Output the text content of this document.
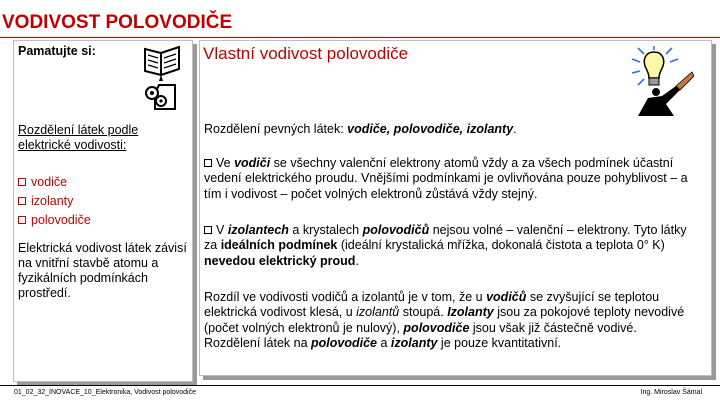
VODIVOST POLOVODIČE
Pamatujte si:
Rozdělení látek podle elektrické vodivosti:
vodiče
izolanty
polovodiče
Elektrická vodivost látek závisí na vnitřní stavbě atomu a fyzikálních podmínkách prostředí.
Vlastní vodivost polovodiče
Rozdělení pevných látek: vodiče, polovodiče, izolanty.
Ve vodiči se všechny valenční elektrony atomů vždy a za všech podmínek účastní vedení elektrického proudu. Vnějšími podmínkami je ovlivňována pouze pohyblivost – a tím i vodivost – počet volných elektronů zůstává vždy stejný.
V izolantech a krystalech polovodičů nejsou volné – valenční – elektrony. Tyto látky za ideálních podmínek (ideální krystalická mřížka, dokonalá čistota a teplota 0° K) nevedou elektrický proud.
Rozdíl ve vodivosti vodičů a izolantů je v tom, že u vodičů se zvyšující se teplotou elektrická vodivost klesá, u izolantů stoupá. Izolanty jsou za pokojové teploty nevodivé (počet volných elektronů je nulový), polovodiče jsou však již částečně vodivé.
Rozdělení látek na polovodiče a izolanty je pouze kvantitativní.
01_02_32_INOVACE_10_Elektronika, Vodivost polovodiče	Ing. Miroslav Šámal
